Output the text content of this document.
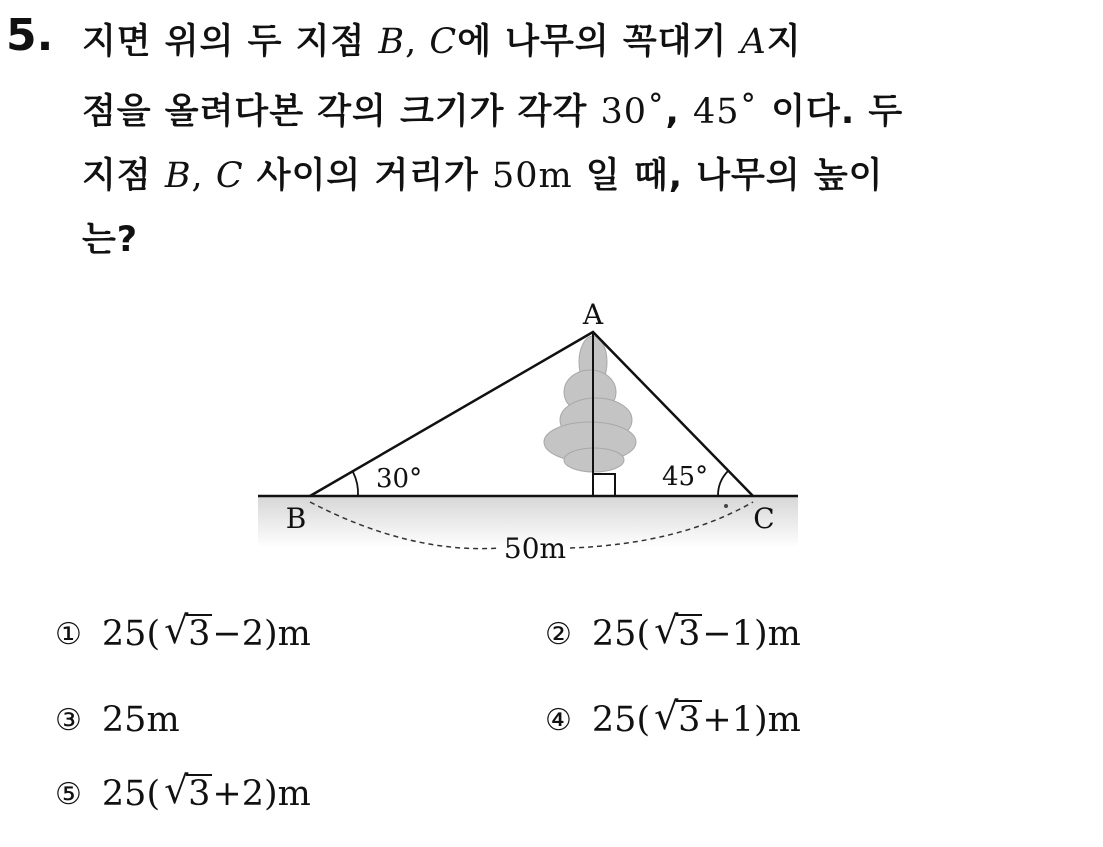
5. 지면 위의 두 지점 B, C에 나무의 꼭대기 A지
점을 올려다본 각의 크기가 각각 30˚, 45˚ 이다. 두
지점 B, C 사이의 거리가 50m 일 때, 나무의 높이
는?
A
B	C
30°	45°
50m
① 25( √ 3 −2)m	② 25( √ 3 −1)m
③ 25m	④ 25( √ 3 +1)m
⑤ 25( √ 3 +2)m
